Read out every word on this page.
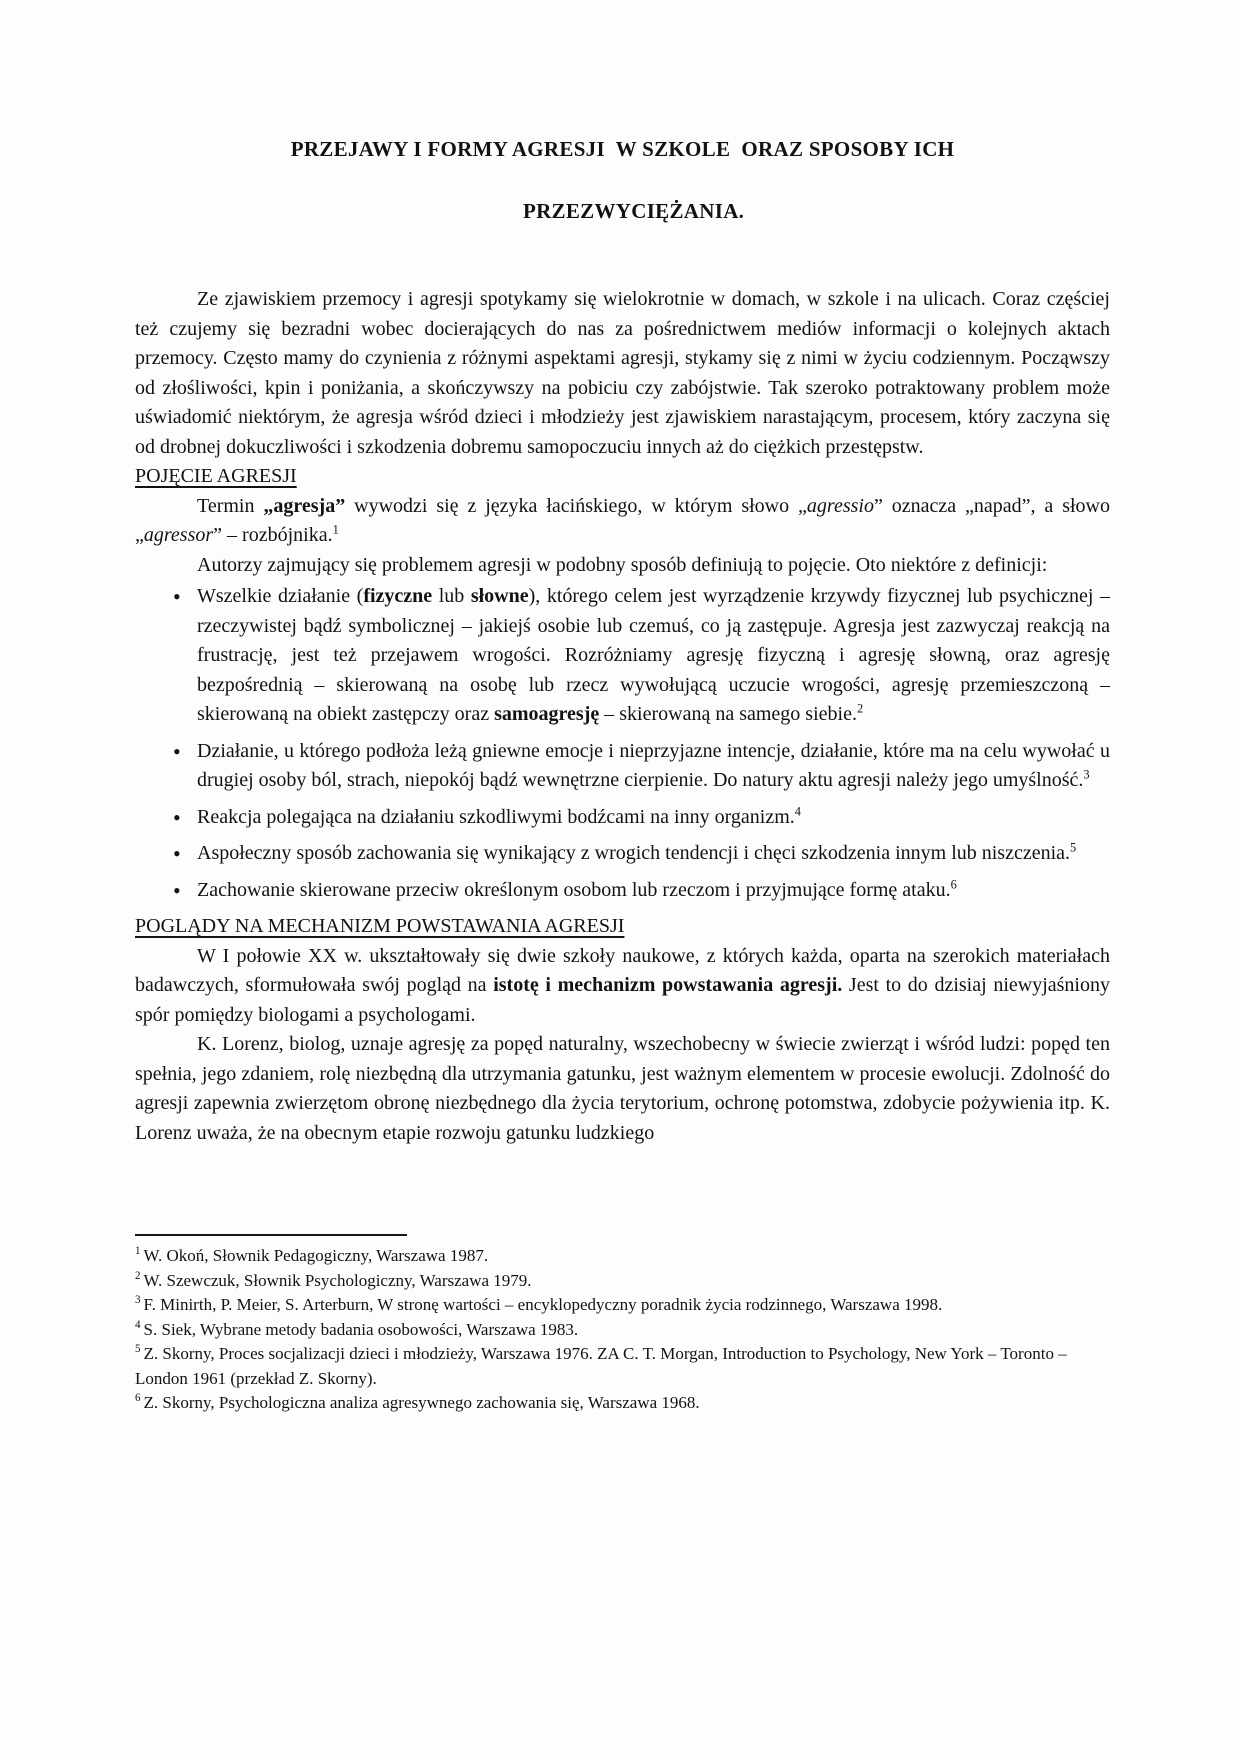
PRZEJAWY I FORMY AGRESJI  W SZKOLE  ORAZ SPOSOBY ICH

PRZEZWYCIĘŻANIA.

Ze zjawiskiem przemocy i agresji spotykamy się wielokrotnie w domach, w szkole i na ulicach. Coraz częściej też czujemy się bezradni wobec docierających do nas za pośrednictwem mediów informacji o kolejnych aktach przemocy. Często mamy do czynienia z różnymi aspektami agresji, stykamy się z nimi w życiu codziennym. Począwszy od złośliwości, kpin i poniżania, a skończywszy na pobiciu czy zabójstwie. Tak szeroko potraktowany problem może uświadomić niektórym, że agresja wśród dzieci i młodzieży jest zjawiskiem narastającym, procesem, który zaczyna się od drobnej dokuczliwości i szkodzenia dobremu samopoczuciu innych aż do ciężkich przestępstw.

POJĘCIE AGRESJI

Termin „agresja” wywodzi się z języka łacińskiego, w którym słowo „agressio” oznacza „napad”, a słowo „agressor” – rozbójnika.$^1$

Autorzy zajmujący się problemem agresji w podobny sposób definiują to pojęcie. Oto niektóre z definicji:

• Wszelkie działanie (fizyczne lub słowne), którego celem jest wyrządzenie krzywdy fizycznej lub psychicznej – rzeczywistej bądź symbolicznej – jakiejś osobie lub czemuś, co ją zastępuje. Agresja jest zazwyczaj reakcją na frustrację, jest też przejawem wrogości. Rozróżniamy agresję fizyczną i agresję słowną, oraz agresję bezpośrednią – skierowaną na osobę lub rzecz wywołującą uczucie wrogości, agresję przemieszczoną – skierowaną na obiekt zastępczy oraz samoagresję – skierowaną na samego siebie.$^2$
• Działanie, u którego podłoża leżą gniewne emocje i nieprzyjazne intencje, działanie, które ma na celu wywołać u drugiej osoby ból, strach, niepokój bądź wewnętrzne cierpienie. Do natury aktu agresji należy jego umyślność.$^3$
• Reakcja polegająca na działaniu szkodliwymi bodźcami na inny organizm.$^4$
• Aspołeczny sposób zachowania się wynikający z wrogich tendencji i chęci szkodzenia innym lub niszczenia.$^5$
• Zachowanie skierowane przeciw określonym osobom lub rzeczom i przyjmujące formę ataku.$^6$
POGLĄDY NA MECHANIZM POWSTAWANIA AGRESJI

W I połowie XX w. ukształtowały się dwie szkoły naukowe, z których każda, oparta na szerokich materiałach badawczych, sformułowała swój pogląd na istotę i mechanizm powstawania agresji. Jest to do dzisiaj niewyjaśniony spór pomiędzy biologami a psychologami.

K. Lorenz, biolog, uznaje agresję za popęd naturalny, wszechobecny w świecie zwierząt i wśród ludzi: popęd ten spełnia, jego zdaniem, rolę niezbędną dla utrzymania gatunku, jest ważnym elementem w procesie ewolucji. Zdolność do agresji zapewnia zwierzętom obronę niezbędnego dla życia terytorium, ochronę potomstwa, zdobycie pożywienia itp. K. Lorenz uważa, że na obecnym etapie rozwoju gatunku ludzkiego

$^1$ W. Okoń, Słownik Pedagogiczny, Warszawa 1987.

$^2$ W. Szewczuk, Słownik Psychologiczny, Warszawa 1979.

$^3$ F. Minirth, P. Meier, S. Arterburn, W stronę wartości – encyklopedyczny poradnik życia rodzinnego, Warszawa 1998.

$^4$ S. Siek, Wybrane metody badania osobowości, Warszawa 1983.

$^5$ Z. Skorny, Proces socjalizacji dzieci i młodzieży, Warszawa 1976. ZA C. T. Morgan, Introduction to Psychology, New York – Toronto – London 1961 (przekład Z. Skorny).

$^6$ Z. Skorny, Psychologiczna analiza agresywnego zachowania się, Warszawa 1968.
